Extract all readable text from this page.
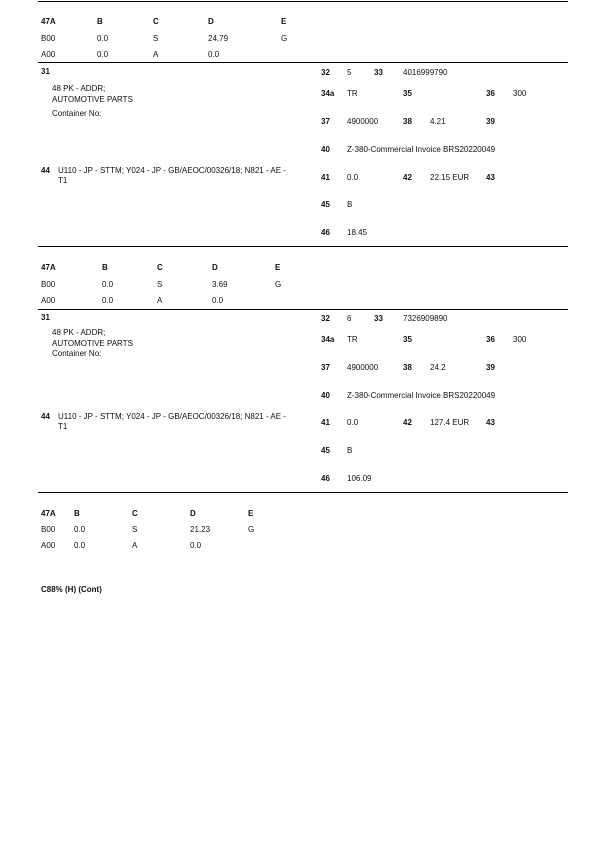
47A	B	C	D	E
B00	0.0	S	24.79	G
A00	0.0	A	0.0
31
48 PK - ADDR;
AUTOMOTIVE PARTS
Container No:
44 U110 - JP - STTM; Y024 - JP - GB/AEOC/00326/18; N821 - AE -
T1
32 5	33	4016999790
34a TR	35	36 300
37 4900000	38 4.21	39
40 Z-380-Commercial Invoice BRS20220049
41 0.0	42 22.15 EUR 43
45 B
46 18.45
47A	B	C	D	E
B00	0.0	S	3.69	G
A00	0.0	A	0.0
31
48 PK - ADDR;
AUTOMOTIVE PARTS
Container No:
44 U110 - JP - STTM; Y024 - JP - GB/AEOC/00326/18; N821 - AE -
T1
32 6	33	7326909890
34a TR	35	36 300
37 4900000	38 24.2	39
40 Z-380-Commercial Invoice BRS20220049
41 0.0	42 127.4 EUR 43
45 B
46 106.09
47A B	C	D	E
B00 0.0	S	21.23	G
A00 0.0	A	0.0
C88% (H) (Cont)
